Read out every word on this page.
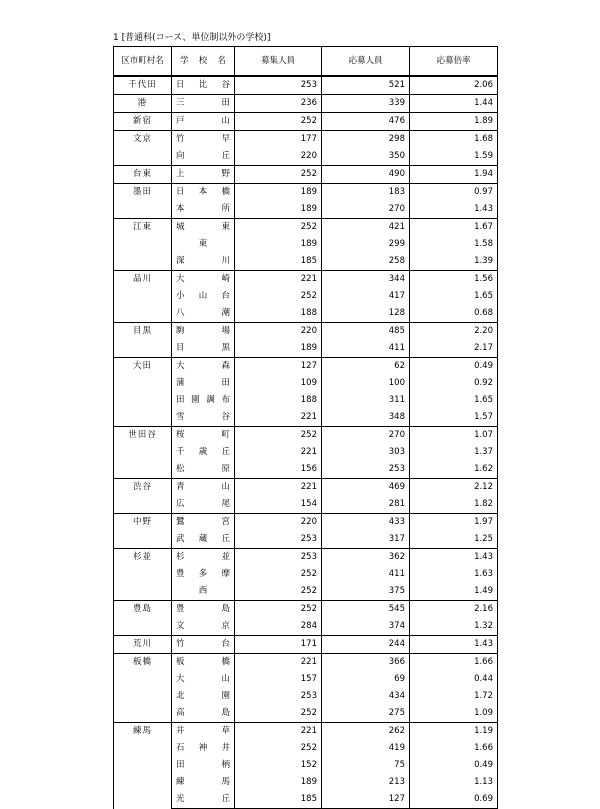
1 [普通科(コース、単位制以外の学校)]
区市町村名	学 校 名	募集人員	応募人員	応募倍率
千代田	日 比 谷	253	521	2.06
港	三 田	236	339	1.44
新宿	戸 山	252	476	1.89
文京	竹 早	177	298	1.68

	向 丘	220	350	1.59
台東	上 野	252	490	1.94
墨田	日 本 橋	189	183	0.97

	本 所	189	270	1.43
江東	城 東	252	421	1.67

	東	189	299	1.58

	深 川	185	258	1.39
品川	大 崎	221	344	1.56

	小 山 台	252	417	1.65

	八 潮	188	128	0.68
目黒	駒 場	220	485	2.20

	目 黒	189	411	2.17
大田	大 森	127	62	0.49

	蒲 田	109	100	0.92

	田 園 調 布	188	311	1.65

	雪 谷	221	348	1.57
世田谷	桜 町	252	270	1.07

	千 歳 丘	221	303	1.37

	松 原	156	253	1.62
渋谷	青 山	221	469	2.12

	広 尾	154	281	1.82
中野	鷺 宮	220	433	1.97

	武 蔵 丘	253	317	1.25
杉並	杉 並	253	362	1.43

	豊 多 摩	252	411	1.63

	西	252	375	1.49
豊島	豊 島	252	545	2.16

	文 京	284	374	1.32
荒川	竹 台	171	244	1.43
板橋	板 橋	221	366	1.66

	大 山	157	69	0.44

	北 園	253	434	1.72

	高 島	252	275	1.09
練馬	井 草	221	262	1.19

	石 神 井	252	419	1.66

	田 柄	152	75	0.49

	練 馬	189	213	1.13

	光 丘	185	127	0.69
